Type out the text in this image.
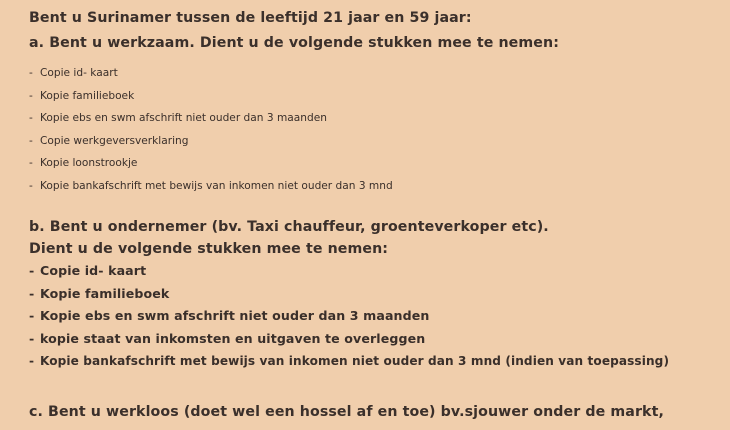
Bent u Surinamer tussen de leeftijd 21 jaar en 59 jaar:
a. Bent u werkzaam. Dient u de volgende stukken mee te nemen:
- Copie id- kaart
- Kopie familieboek
- Kopie ebs en swm afschrift niet ouder dan 3 maanden
- Copie werkgeversverklaring
- Kopie loonstrookje
- Kopie bankafschrift met bewijs van inkomen niet ouder dan 3 mnd
b. Bent u ondernemer (bv. Taxi chauffeur, groenteverkoper etc).
Dient u de volgende stukken mee te nemen:
- Copie id- kaart
- Kopie familieboek
- Kopie ebs en swm afschrift niet ouder dan 3 maanden
- kopie staat van inkomsten en uitgaven te overleggen
- Kopie bankafschrift met bewijs van inkomen niet ouder dan 3 mnd (indien van toepassing)
c. Bent u werkloos (doet wel een hossel af en toe) bv.sjouwer onder de markt,
